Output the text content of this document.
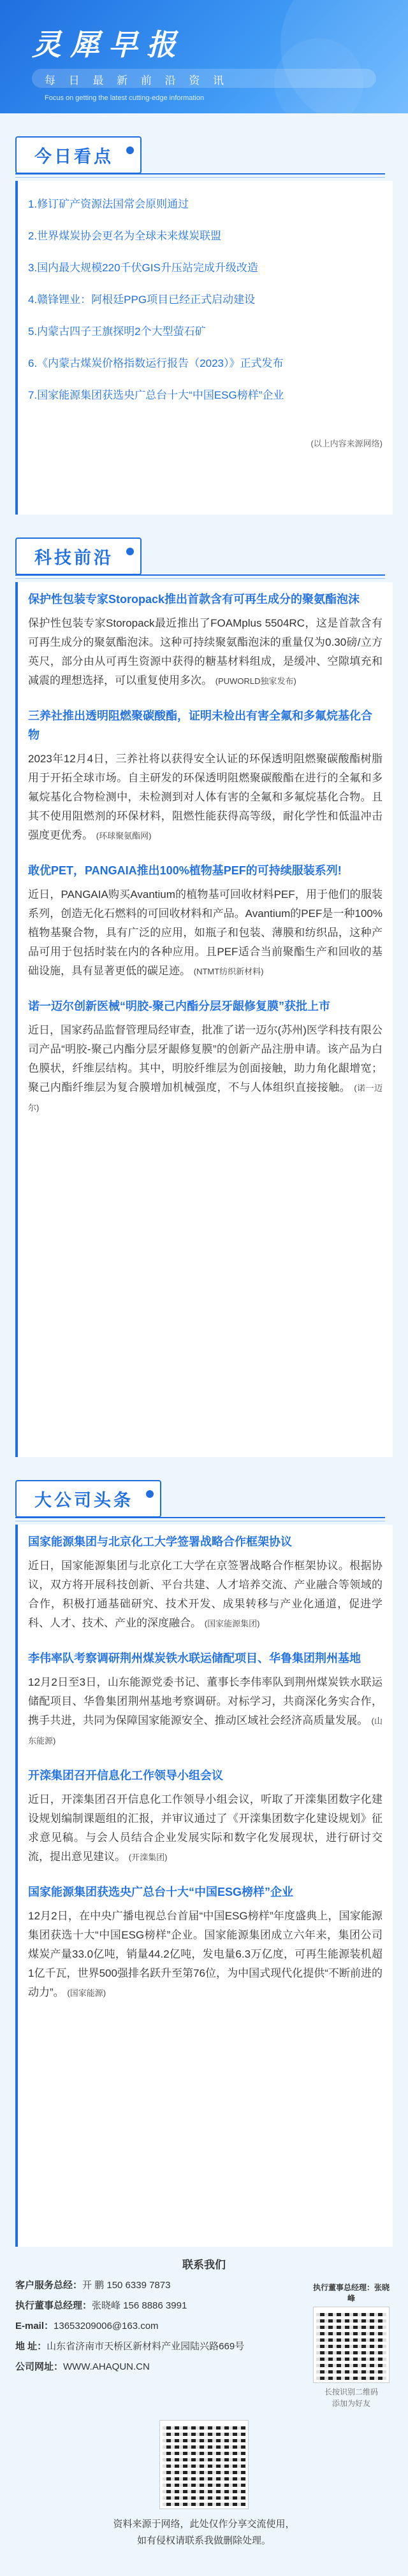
灵犀早报
每 日 最 新 前 沿 资 讯
Focus on getting the latest cutting-edge information
今日看点
1.修订矿产资源法国常会原则通过
2.世界煤炭协会更名为全球未来煤炭联盟
3.国内最大规模220千伏GIS升压站完成升级改造
4.赣锋锂业：阿根廷PPG项目已经正式启动建设
5.内蒙古四子王旗探明2个大型萤石矿
6.《内蒙古煤炭价格指数运行报告（2023）》正式发布
7.国家能源集团获选央广总台十大“中国ESG榜样”企业
(以上内容来源网络)
科技前沿
保护性包装专家Storopack推出首款含有可再生成分的聚氨酯泡沫
保护性包装专家Storopack最近推出了FOAMplus 5504RC，这是首款含有可再生成分的聚氨酯泡沫。这种可持续聚氨酯泡沫的重量仅为0.30磅/立方英尺，部分由从可再生资源中获得的糖基材料组成，是缓冲、空隙填充和减震的理想选择，可以重复使用多次。 (PUWORLD独家发布)
三养社推出透明阻燃聚碳酸酯，证明未检出有害全氟和多氟烷基化合物
2023年12月4日，三养社将以获得安全认证的环保透明阻燃聚碳酸酯树脂用于开拓全球市场。自主研发的环保透明阻燃聚碳酸酯在进行的全氟和多氟烷基化合物检测中，未检测到对人体有害的全氟和多氟烷基化合物。且其不使用阻燃剂的环保材料，阻燃性能获得高等级，耐化学性和低温冲击强度更优秀。 (环球聚氨酯网)
敢优PET，PANGAIA推出100%植物基PEF的可持续服装系列!
近日，PANGAIA购买Avantium的植物基可回收材料PEF，用于他们的服装系列，创造无化石燃料的可回收材料和产品。Avantium的PEF是一种100%植物基聚合物，具有广泛的应用，如瓶子和包装、薄膜和纺织品，这种产品可用于包括时装在内的各种应用。且PEF适合当前聚酯生产和回收的基础设施，具有显著更低的碳足迹。 (NTMT纺织新材料)
诺一迈尔创新医械“明胶-聚己内酯分层牙龈修复膜”获批上市
近日，国家药品监督管理局经审查，批准了诺一迈尔(苏州)医学科技有限公司产品“明胶-聚己内酯分层牙龈修复膜”的创新产品注册申请。该产品为白色膜状，纤维层结构。其中，明胶纤维层为创面接触，助力角化龈增宽；聚己内酯纤维层为复合膜增加机械强度，不与人体组织直接接触。 (诺一迈尔)
大公司头条
国家能源集团与北京化工大学签署战略合作框架协议
近日，国家能源集团与北京化工大学在京签署战略合作框架协议。根据协议，双方将开展科技创新、平台共建、人才培养交流、产业融合等领域的合作，积极打通基础研究、技术开发、成果转移与产业化通道，促进学科、人才、技术、产业的深度融合。 (国家能源集团)
李伟率队考察调研荆州煤炭铁水联运储配项目、华鲁集团荆州基地
12月2日至3日，山东能源党委书记、董事长李伟率队到荆州煤炭铁水联运储配项目、华鲁集团荆州基地考察调研。对标学习，共商深化务实合作，携手共进，共同为保障国家能源安全、推动区域社会经济高质量发展。 (山东能源)
开滦集团召开信息化工作领导小组会议
近日，开滦集团召开信息化工作领导小组会议，听取了开滦集团数字化建设规划编制课题组的汇报，并审议通过了《开滦集团数字化建设规划》征求意见稿。与会人员结合企业发展实际和数字化发展现状，进行研讨交流，提出意见建议。 (开滦集团)
国家能源集团获选央广总台十大“中国ESG榜样”企业
12月2日，在中央广播电视总台首届“中国ESG榜样”年度盛典上，国家能源集团获选十大“中国ESG榜样”企业。国家能源集团成立六年来，集团公司煤炭产量33.0亿吨，销量44.2亿吨，发电量6.3万亿度，可再生能源装机超1亿千瓦，世界500强排名跃升至第76位，为中国式现代化提供“不断前进的动力”。 (国家能源)
联系我们
客户服务总经：开 鹏 150 6339 7873
执行董事总经理：张晓峰 156 8886 3991
E-mail：13653209006@163.com
地 址：山东省济南市天桥区新材料产业园陆兴路669号
公司网址：WWW.AHAQUN.CN
执行董事总经理：张晓峰
长按识别二维码
添加为好友
资料来源于网络，此处仅作分享交流使用，
如有侵权请联系我做删除处理。
